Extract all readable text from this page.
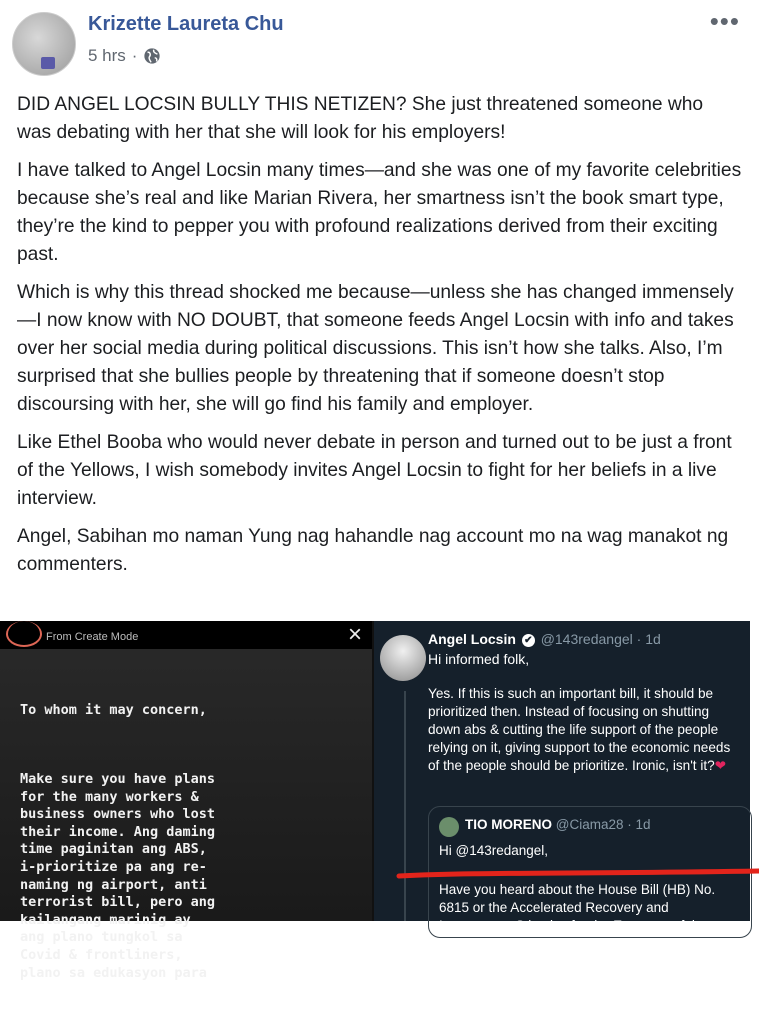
Krizette Laureta Chu
5 hrs ·
•••

DID ANGEL LOCSIN BULLY THIS NETIZEN? She just threatened someone who was debating with her that she will look for his employers!

I have talked to Angel Locsin many times—and she was one of my favorite celebrities because she’s real and like Marian Rivera, her smartness isn’t the book smart type, they’re the kind to pepper you with profound realizations derived from their exciting past.

Which is why this thread shocked me because—unless she has changed immensely—I now know with NO DOUBT, that someone feeds Angel Locsin with info and takes over her social media during political discussions. This isn’t how she talks. Also, I’m surprised that she bullies people by threatening that if someone doesn’t stop discoursing with her, she will go find his family and employer.

Like Ethel Booba who would never debate in person and turned out to be just a front of the Yellows, I wish somebody invites Angel Locsin to fight for her beliefs in a live interview.

Angel, Sabihan mo naman Yung nag hahandle nag account mo na wag manakot ng commenters.

From Create Mode	×

To whom it may concern,

Make sure you have plans
for the many workers &
business owners who lost
their income. Ang daming
time paginitan ang ABS,
i-prioritize pa ang re-
naming ng airport, anti
terrorist bill, pero ang
kailangang marinig ay
ang plano tungkol sa
Covid & frontliners,
plano sa edukasyon para

Angel Locsin ✔ @143redangel · 1d
Hi informed folk,
Yes. If this is such an important bill, it should be prioritized then. Instead of focusing on shutting down abs & cutting the life support of the people relying on it, giving support to the economic needs of the people should be prioritize. Ironic, isn't it?❤
TIO MORENO @Ciama28 · 1d
Hi @143redangel,
Have you heard about the House Bill (HB) No. 6815 or the Accelerated Recovery and Investments Stimulus for the Economy of the
